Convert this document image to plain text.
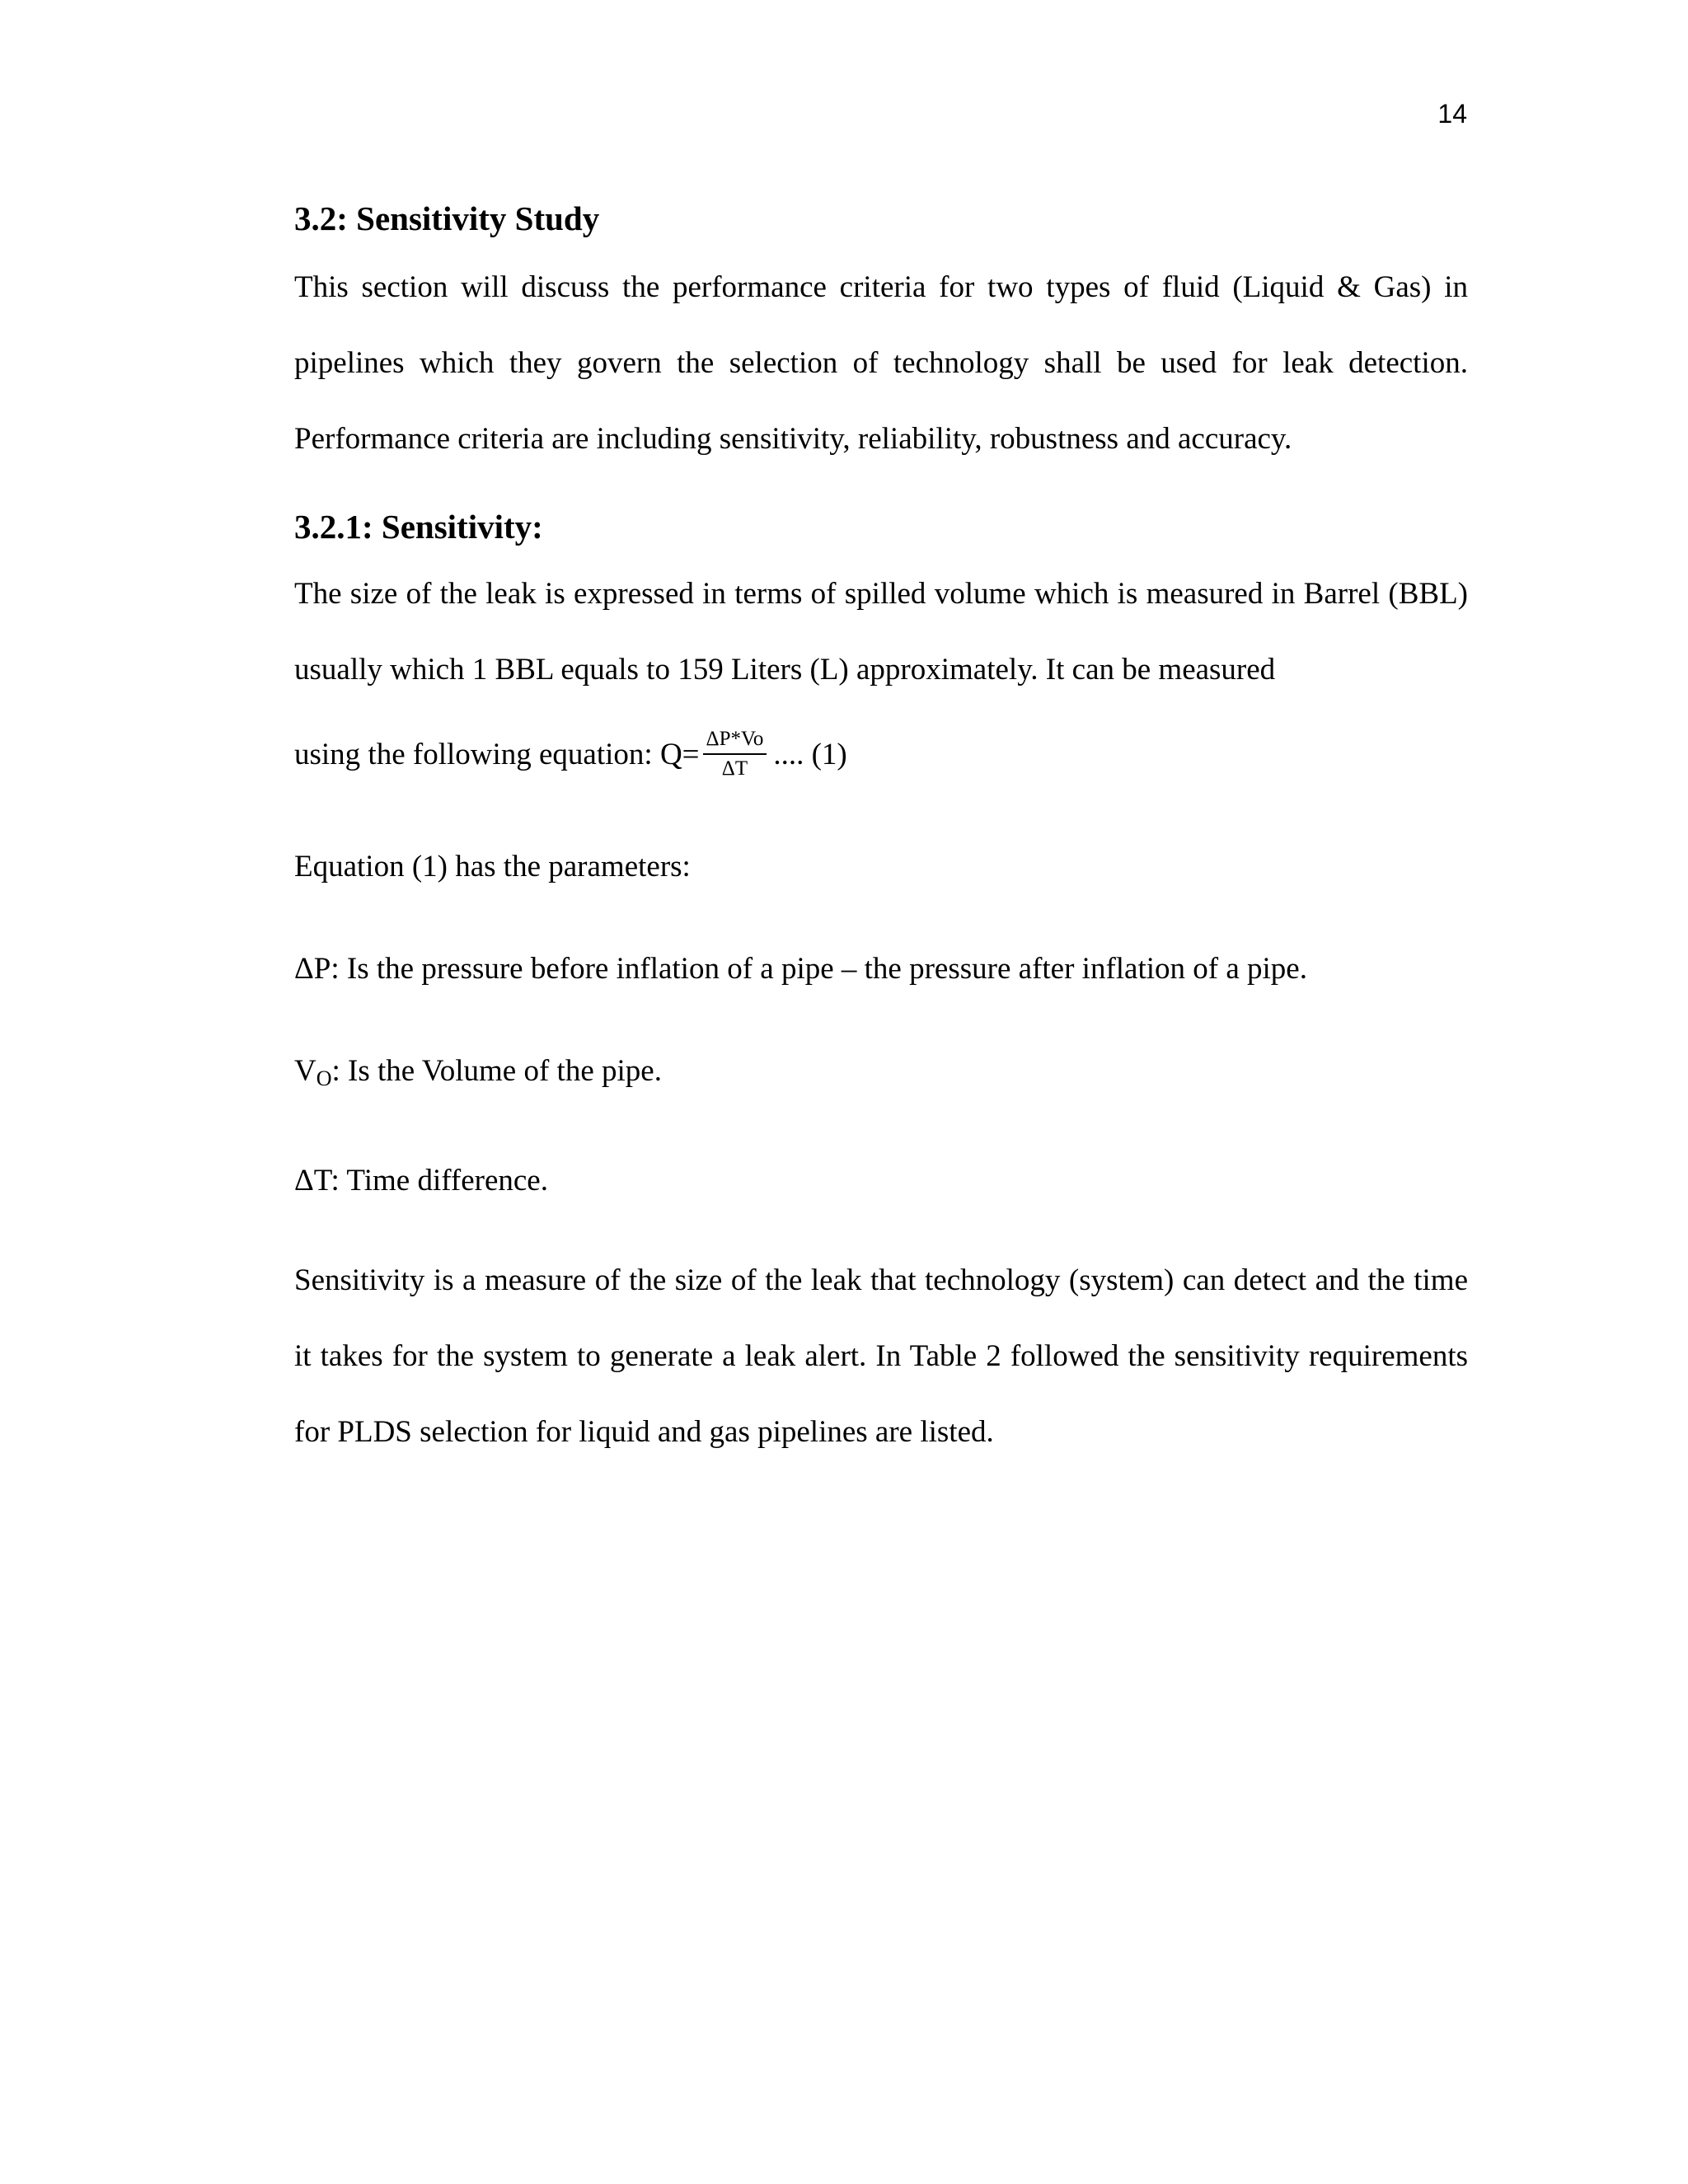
14
3.2: Sensitivity Study

This section will discuss the performance criteria for two types of fluid (Liquid & Gas) in pipelines which they govern the selection of technology shall be used for leak detection. Performance criteria are including sensitivity, reliability, robustness and accuracy.

3.2.1: Sensitivity:

The size of the leak is expressed in terms of spilled volume which is measured in Barrel (BBL) usually which 1 BBL equals to 159 Liters (L) approximately. It can be measured

using the following equation: $Q= \frac{\Delta P*Vo}{\Delta T}$ .... (1)

Equation (1) has the parameters:

ΔP: Is the pressure before inflation of a pipe – the pressure after inflation of a pipe.

$V_O$: Is the Volume of the pipe.

ΔT: Time difference.

Sensitivity is a measure of the size of the leak that technology (system) can detect and the time it takes for the system to generate a leak alert. In Table 2 followed the sensitivity requirements for PLDS selection for liquid and gas pipelines are listed.
